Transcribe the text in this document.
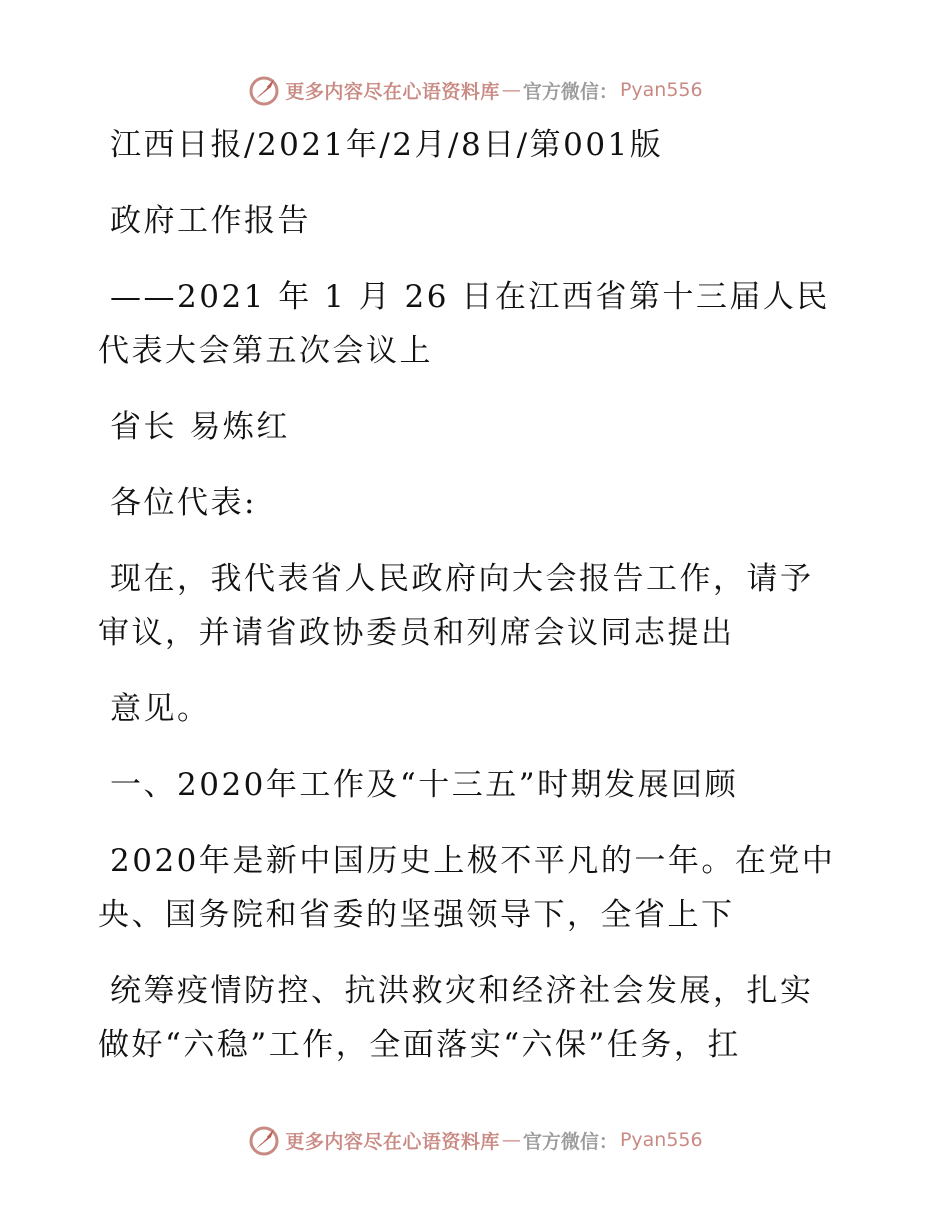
更多内容尽在心语资料库 — 官方微信： Pyan556
江西日报/2021年/2月/8日/第001版
政府工作报告
——2021 年 1 月 26 日在江西省第十三届人民
代表大会第五次会议上
省长 易炼红
各位代表:
现在，我代表省人民政府向大会报告工作，请予
审议，并请省政协委员和列席会议同志提出
意见。
一、2020年工作及“十三五”时期发展回顾
2020年是新中国历史上极不平凡的一年。在党中
央、国务院和省委的坚强领导下，全省上下
统筹疫情防控、抗洪救灾和经济社会发展，扎实
做好“六稳”工作，全面落实“六保”任务，扛
更多内容尽在心语资料库 — 官方微信： Pyan556
